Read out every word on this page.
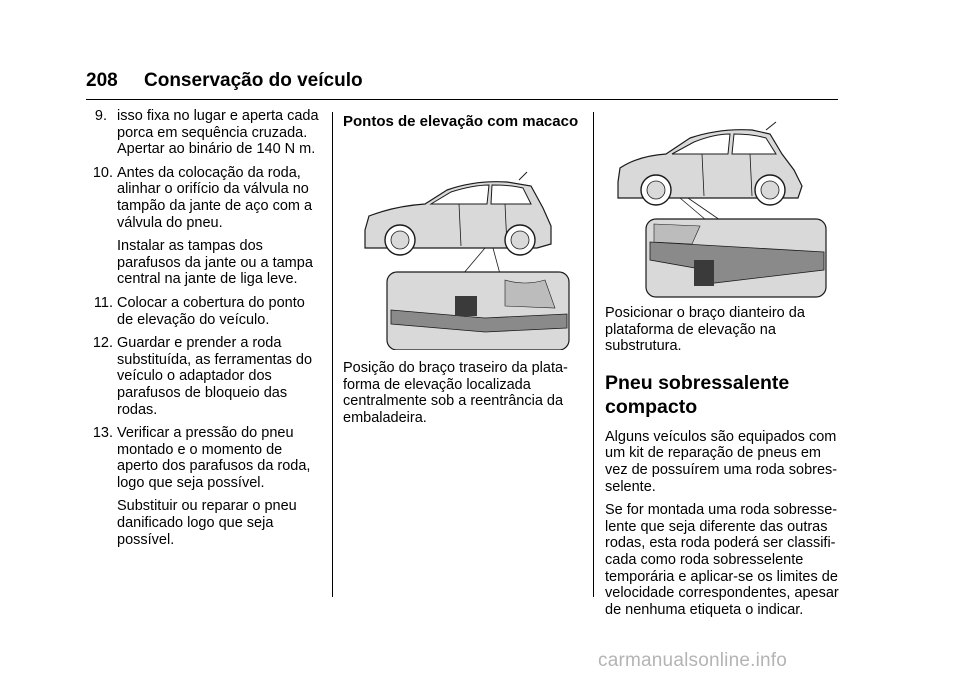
208 Conservação do veículo
9. isso fixa no lugar e aperta cada porca em sequência cruzada. Apertar ao binário de 140 N m.

10. Antes da colocação da roda, alinhar o orifício da válvula no tampão da jante de aço com a válvula do pneu.

Instalar as tampas dos parafusos da jante ou a tampa central na jante de liga leve.

11. Colocar a cobertura do ponto de elevação do veículo.

12. Guardar e prender a roda substituída, as ferramentas do veículo o adaptador dos parafusos de bloqueio das rodas.

13. Verificar a pressão do pneu montado e o momento de aperto dos parafusos da roda, logo que seja possível.

Substituir ou reparar o pneu danificado logo que seja possível.

Pontos de elevação com macaco

Posição do braço traseiro da plata-forma de elevação localizada centralmente sob a reentrância da embaladeira.

Posicionar o braço dianteiro da plataforma de elevação na substrutura.

Pneu sobressalente compacto

Alguns veículos são equipados com um kit de reparação de pneus em vez de possuírem uma roda sobres-selente.

Se for montada uma roda sobresse-lente que seja diferente das outras rodas, esta roda poderá ser classifi-cada como roda sobresselente temporária e aplicar-se os limites de velocidade correspondentes, apesar de nenhuma etiqueta o indicar.

carmanualsonline.info
